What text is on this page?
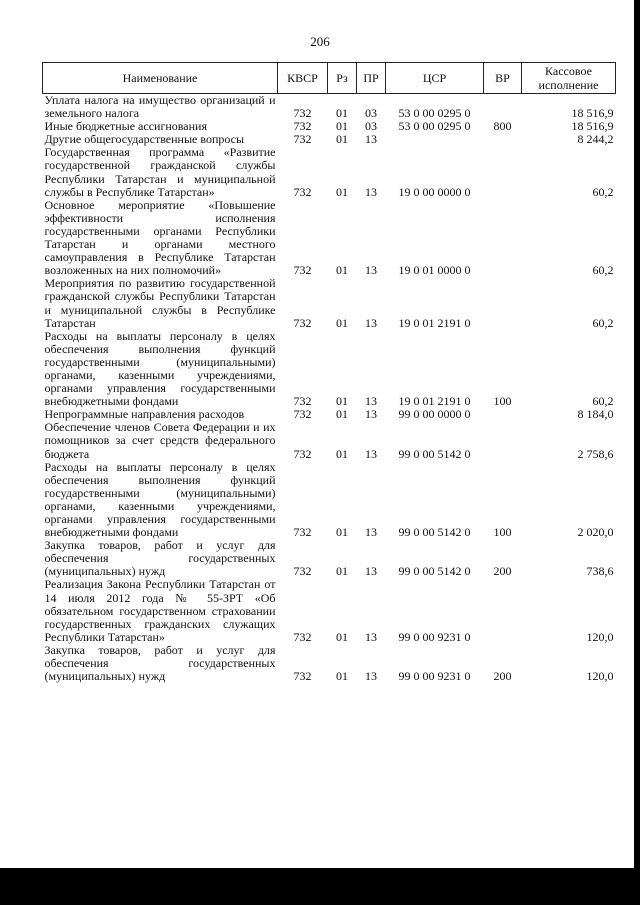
206
Наименование	КВСР	Рз	ПР	ЦСР	ВР	Кассовое исполнение
Уплата налога на имущество организаций и земельного налога	732	01	03	53 0 00 0295 0		18 516,9
Иные бюджетные ассигнования	732	01	03	53 0 00 0295 0	800	18 516,9
Другие общегосударственные вопросы	732	01	13			8 244,2
Государственная программа «Развитие государственной гражданской службы Республики Татарстан и муниципальной службы в Республике Татарстан»	732	01	13	19 0 00 0000 0		60,2
Основное мероприятие «Повышение эффективности исполнения государственными органами Республики Татарстан и органами местного самоуправления в Республике Татарстан возложенных на них полномочий»	732	01	13	19 0 01 0000 0		60,2
Мероприятия по развитию государственной гражданской службы Республики Татарстан и муниципальной службы в Республике Татарстан	732	01	13	19 0 01 2191 0		60,2
Расходы на выплаты персоналу в целях обеспечения выполнения функций государственными (муниципальными) органами, казенными учреждениями, органами управления государственными внебюджетными фондами	732	01	13	19 0 01 2191 0	100	60,2
Непрограммные направления расходов	732	01	13	99 0 00 0000 0		8 184,0
Обеспечение членов Совета Федерации и их помощников за счет средств федерального бюджета	732	01	13	99 0 00 5142 0		2 758,6
Расходы на выплаты персоналу в целях обеспечения выполнения функций государственными (муниципальными) органами, казенными учреждениями, органами управления государственными внебюджетными фондами	732	01	13	99 0 00 5142 0	100	2 020,0
Закупка товаров, работ и услуг для обеспечения государственных (муниципальных) нужд	732	01	13	99 0 00 5142 0	200	738,6
Реализация Закона Республики Татарстан от 14 июля 2012 года № 55-ЗРТ «Об обязательном государственном страховании государственных гражданских служащих Республики Татарстан»	732	01	13	99 0 00 9231 0		120,0
Закупка товаров, работ и услуг для обеспечения государственных (муниципальных) нужд	732	01	13	99 0 00 9231 0	200	120,0
